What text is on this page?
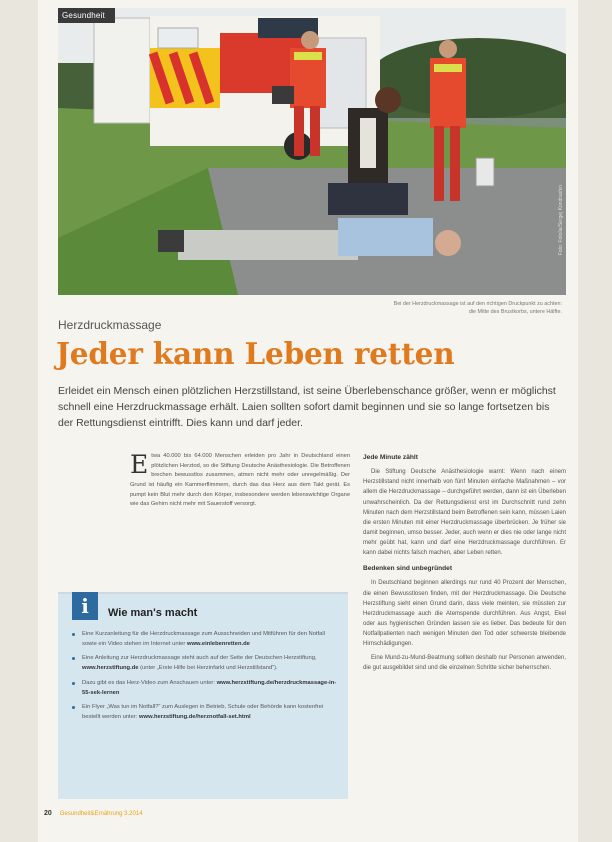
Gesundheit
Foto: Fotolia/Sergej Kondrashin
Bei der Herzdruckmassage ist auf den richtigen Druckpunkt zu achten:
die Mitte des Brustkorbs, untere Hälfte.
Herzdruckmassage
Jeder kann Leben retten
Erleidet ein Mensch einen plötzlichen Herzstillstand, ist seine Überlebenschance größer, wenn er möglichst schnell eine Herzdruckmassage erhält. Laien sollten sofort damit beginnen und sie so lange fortsetzen bis der Rettungsdienst eintrifft. Dies kann und darf jeder.
Etwa 40.000 bis 64.000 Menschen erleiden pro Jahr in Deutschland einen plötzlichen Herztod, so die Stiftung Deutsche Anästhesiologie. Die Betroffenen brechen bewusstlos zusammen, atmen nicht mehr oder unregelmäßig. Der Grund ist häufig ein Kammerflimmern, durch das das Herz aus dem Takt gerät. Es pumpt kein Blut mehr durch den Körper, insbesondere werden lebenswichtige Organe wie das Gehirn nicht mehr mit Sauerstoff versorgt.
Jede Minute zählt

Die Stiftung Deutsche Anästhesiologie warnt: Wenn nach einem Herzstillstand nicht innerhalb von fünf Minuten einfache Maßnahmen – vor allem die Herzdruckmassage – durchgeführt werden, dann ist ein Überleben unwahrscheinlich. Da der Rettungsdienst erst im Durchschnitt rund zehn Minuten nach dem Herzstillstand beim Betroffenen sein kann, müssen Laien die ersten Minuten mit einer Herzdruckmassage überbrücken. Je früher sie damit beginnen, umso besser. Jeder, auch wenn er dies nie oder lange nicht mehr geübt hat, kann und darf eine Herzdruckmassage durchführen. Er kann dabei nichts falsch machen, aber Leben retten.

Bedenken sind unbegründet

In Deutschland beginnen allerdings nur rund 40 Prozent der Menschen, die einen Bewusstlosen finden, mit der Herzdruckmassage. Die Deutsche Herzstiftung sieht einen Grund darin, dass viele meinten, sie müssten zur Herzdruckmassage auch die Atemspende durchführen. Aus Angst, Ekel oder aus hygienischen Gründen lassen sie es lieber. Das bedeute für den Notfallpatienten nach wenigen Minuten den Tod oder schwerste bleibende Hirnschädigungen.

Eine Mund-zu-Mund-Beatmung sollten deshalb nur Personen anwenden, die gut ausgebildet sind und die einzelnen Schritte sicher beherrschen.

i	Wie man's macht
Eine Kurzanleitung für die Herzdruckmassage zum Ausschneiden und Mitführen für den Notfall sowie ein Video stehen im Internet unter www.einlebenretten.de
Eine Anleitung zur Herzdruckmassage steht auch auf der Seite der Deutschen Herzstiftung, www.herzstiftung.de (unter „Erste Hilfe bei Herzinfarkt und Herzstillstand“).
Dazu gibt es das Herz-Video zum Anschauen unter: www.herzstiftung.de/herzdruckmassage-in-55-sek-lernen
Ein Flyer „Was tun im Notfall?“ zum Auslegen in Betrieb, Schule oder Behörde kann kostenfrei bestellt werden unter: www.herzstiftung.de/herznotfall-set.html
20 Gesundheit&Ernährung 3.2014
